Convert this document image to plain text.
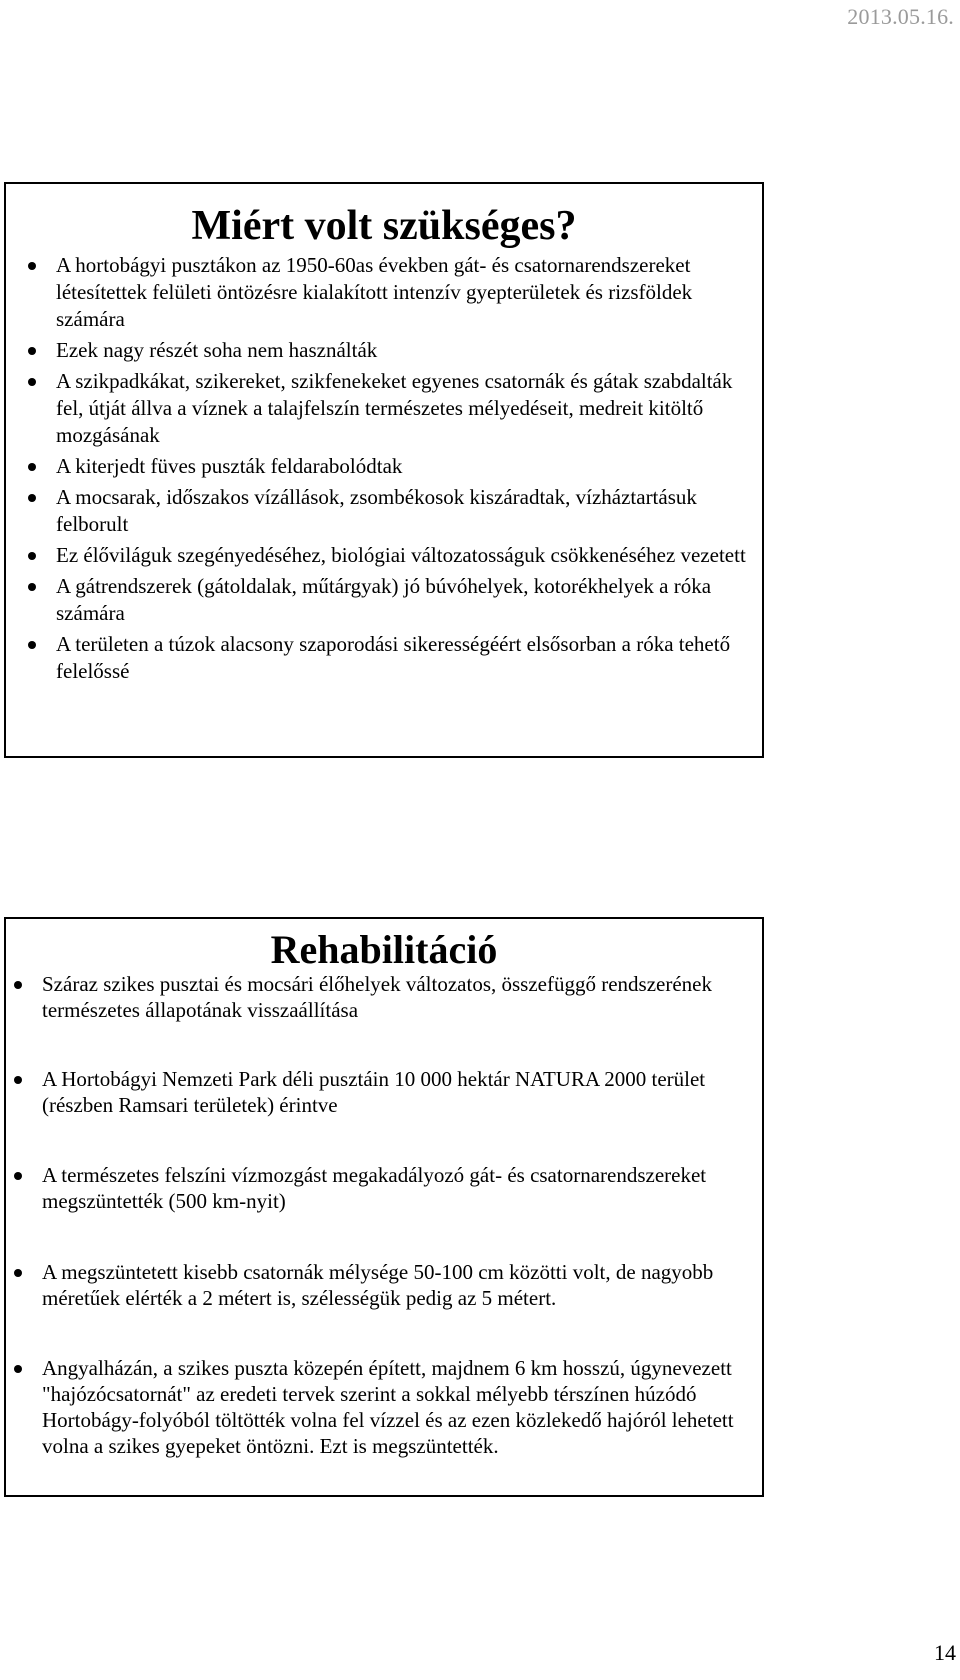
2013.05.16.
Miért volt szükséges?
A hortobágyi pusztákon az 1950-60as években gát- és csatornarendszereket létesítettek felületi öntözésre kialakított intenzív gyepterületek és rizsföldek számára
Ezek nagy részét soha nem használták
A szikpadkákat, szikereket, szikfenekeket egyenes csatornák és gátak szabdalták fel, útját állva a víznek a talajfelszín természetes mélyedéseit, medreit kitöltő mozgásának
A kiterjedt füves puszták feldarabolódtak
A mocsarak, időszakos vízállások, zsombékosok kiszáradtak, vízháztartásuk felborult
Ez élőviláguk szegényedéséhez, biológiai változatosságuk csökkenéséhez vezetett
A gátrendszerek (gátoldalak, műtárgyak) jó búvóhelyek, kotorékhelyek a róka számára
A területen a túzok alacsony szaporodási sikerességéért elsősorban a róka tehető felelőssé
Rehabilitáció
Száraz szikes pusztai és mocsári élőhelyek változatos, összefüggő rendszerének természetes állapotának visszaállítása
A Hortobágyi Nemzeti Park déli pusztáin 10 000 hektár NATURA 2000 terület (részben Ramsari területek) érintve
A természetes felszíni vízmozgást megakadályozó gát- és csatornarendszereket megszüntették (500 km-nyit)
A megszüntetett kisebb csatornák mélysége 50-100 cm közötti volt, de nagyobb méretűek elérték a 2 métert is, szélességük pedig az 5 métert.
Angyalházán, a szikes puszta közepén épített, majdnem 6 km hosszú, úgynevezett "hajózócsatornát" az eredeti tervek szerint a sokkal mélyebb térszínen húzódó Hortobágy-folyóból töltötték volna fel vízzel és az ezen közlekedő hajóról lehetett volna a szikes gyepeket öntözni. Ezt is megszüntették.
14
